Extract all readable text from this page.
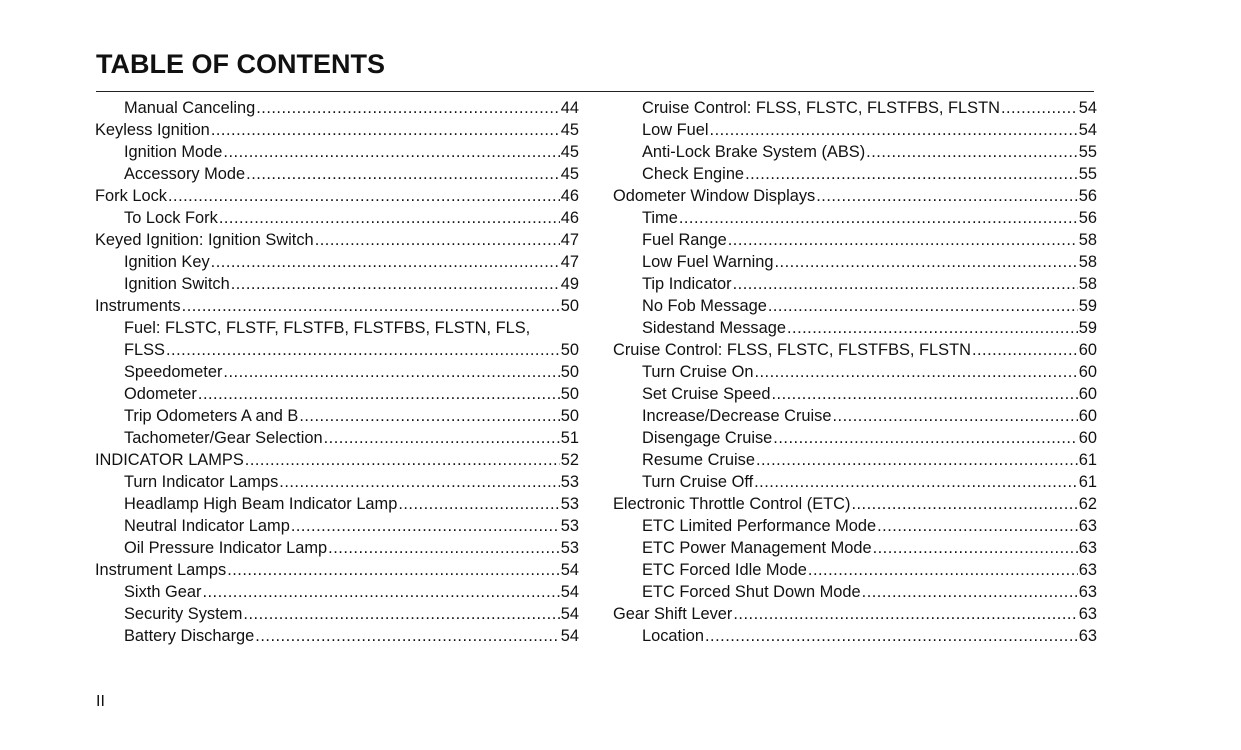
TABLE OF CONTENTS
Manual Canceling .....	44
Keyless Ignition .....	45
Ignition Mode .....	45
Accessory Mode .....	45
Fork Lock .....	46
To Lock Fork .....	46
Keyed Ignition: Ignition Switch .....	47
Ignition Key .....	47
Ignition Switch .....	49
Instruments .....	50
Fuel: FLSTC, FLSTF, FLSTFB, FLSTFBS, FLSTN, FLS,
FLSS .....	50
Speedometer .....	50
Odometer .....	50
Trip Odometers A and B .....	50
Tachometer/Gear Selection .....	51
INDICATOR LAMPS .....	52
Turn Indicator Lamps .....	53
Headlamp High Beam Indicator Lamp .....	53
Neutral Indicator Lamp .....	53
Oil Pressure Indicator Lamp .....	53
Instrument Lamps .....	54
Sixth Gear .....	54
Security System .....	54
Battery Discharge .....	54
Cruise Control: FLSS, FLSTC, FLSTFBS, FLSTN .....	54
Low Fuel .....	54
Anti-Lock Brake System (ABS) .....	55
Check Engine .....	55
Odometer Window Displays .....	56
Time .....	56
Fuel Range .....	58
Low Fuel Warning .....	58
Tip Indicator .....	58
No Fob Message .....	59
Sidestand Message .....	59
Cruise Control: FLSS, FLSTC, FLSTFBS, FLSTN .....	60
Turn Cruise On .....	60
Set Cruise Speed .....	60
Increase/Decrease Cruise .....	60
Disengage Cruise .....	60
Resume Cruise .....	61
Turn Cruise Off .....	61
Electronic Throttle Control (ETC) .....	62
ETC Limited Performance Mode .....	63
ETC Power Management Mode .....	63
ETC Forced Idle Mode .....	63
ETC Forced Shut Down Mode .....	63
Gear Shift Lever .....	63
Location .....	63
II
